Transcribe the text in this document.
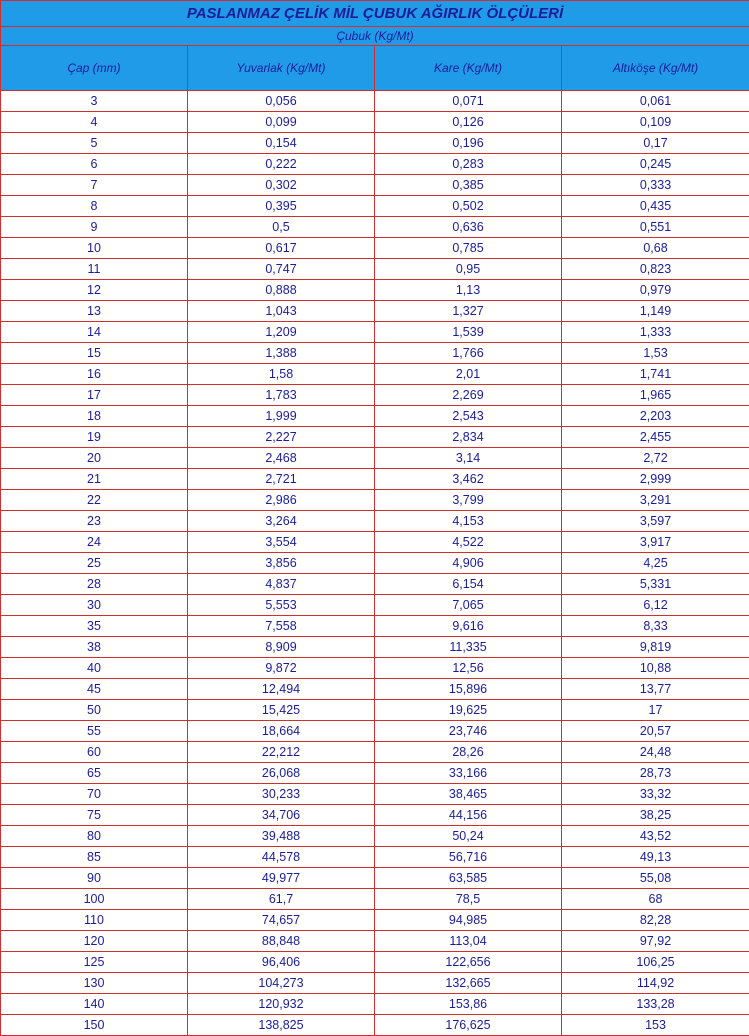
PASLANMAZ ÇELİK MİL ÇUBUK AĞIRLIK ÖLÇÜLERİ			
Çubuk (Kg/Mt)			
Çap (mm)	Yuvarlak (Kg/Mt)	Kare (Kg/Mt)	Altıköşe (Kg/Mt)
3	0,056	0,071	0,061
4	0,099	0,126	0,109
5	0,154	0,196	0,17
6	0,222	0,283	0,245
7	0,302	0,385	0,333
8	0,395	0,502	0,435
9	0,5	0,636	0,551
10	0,617	0,785	0,68
11	0,747	0,95	0,823
12	0,888	1,13	0,979
13	1,043	1,327	1,149
14	1,209	1,539	1,333
15	1,388	1,766	1,53
16	1,58	2,01	1,741
17	1,783	2,269	1,965
18	1,999	2,543	2,203
19	2,227	2,834	2,455
20	2,468	3,14	2,72
21	2,721	3,462	2,999
22	2,986	3,799	3,291
23	3,264	4,153	3,597
24	3,554	4,522	3,917
25	3,856	4,906	4,25
28	4,837	6,154	5,331
30	5,553	7,065	6,12
35	7,558	9,616	8,33
38	8,909	11,335	9,819
40	9,872	12,56	10,88
45	12,494	15,896	13,77
50	15,425	19,625	17
55	18,664	23,746	20,57
60	22,212	28,26	24,48
65	26,068	33,166	28,73
70	30,233	38,465	33,32
75	34,706	44,156	38,25
80	39,488	50,24	43,52
85	44,578	56,716	49,13
90	49,977	63,585	55,08
100	61,7	78,5	68
110	74,657	94,985	82,28
120	88,848	113,04	97,92
125	96,406	122,656	106,25
130	104,273	132,665	114,92
140	120,932	153,86	133,28
150	138,825	176,625	153
